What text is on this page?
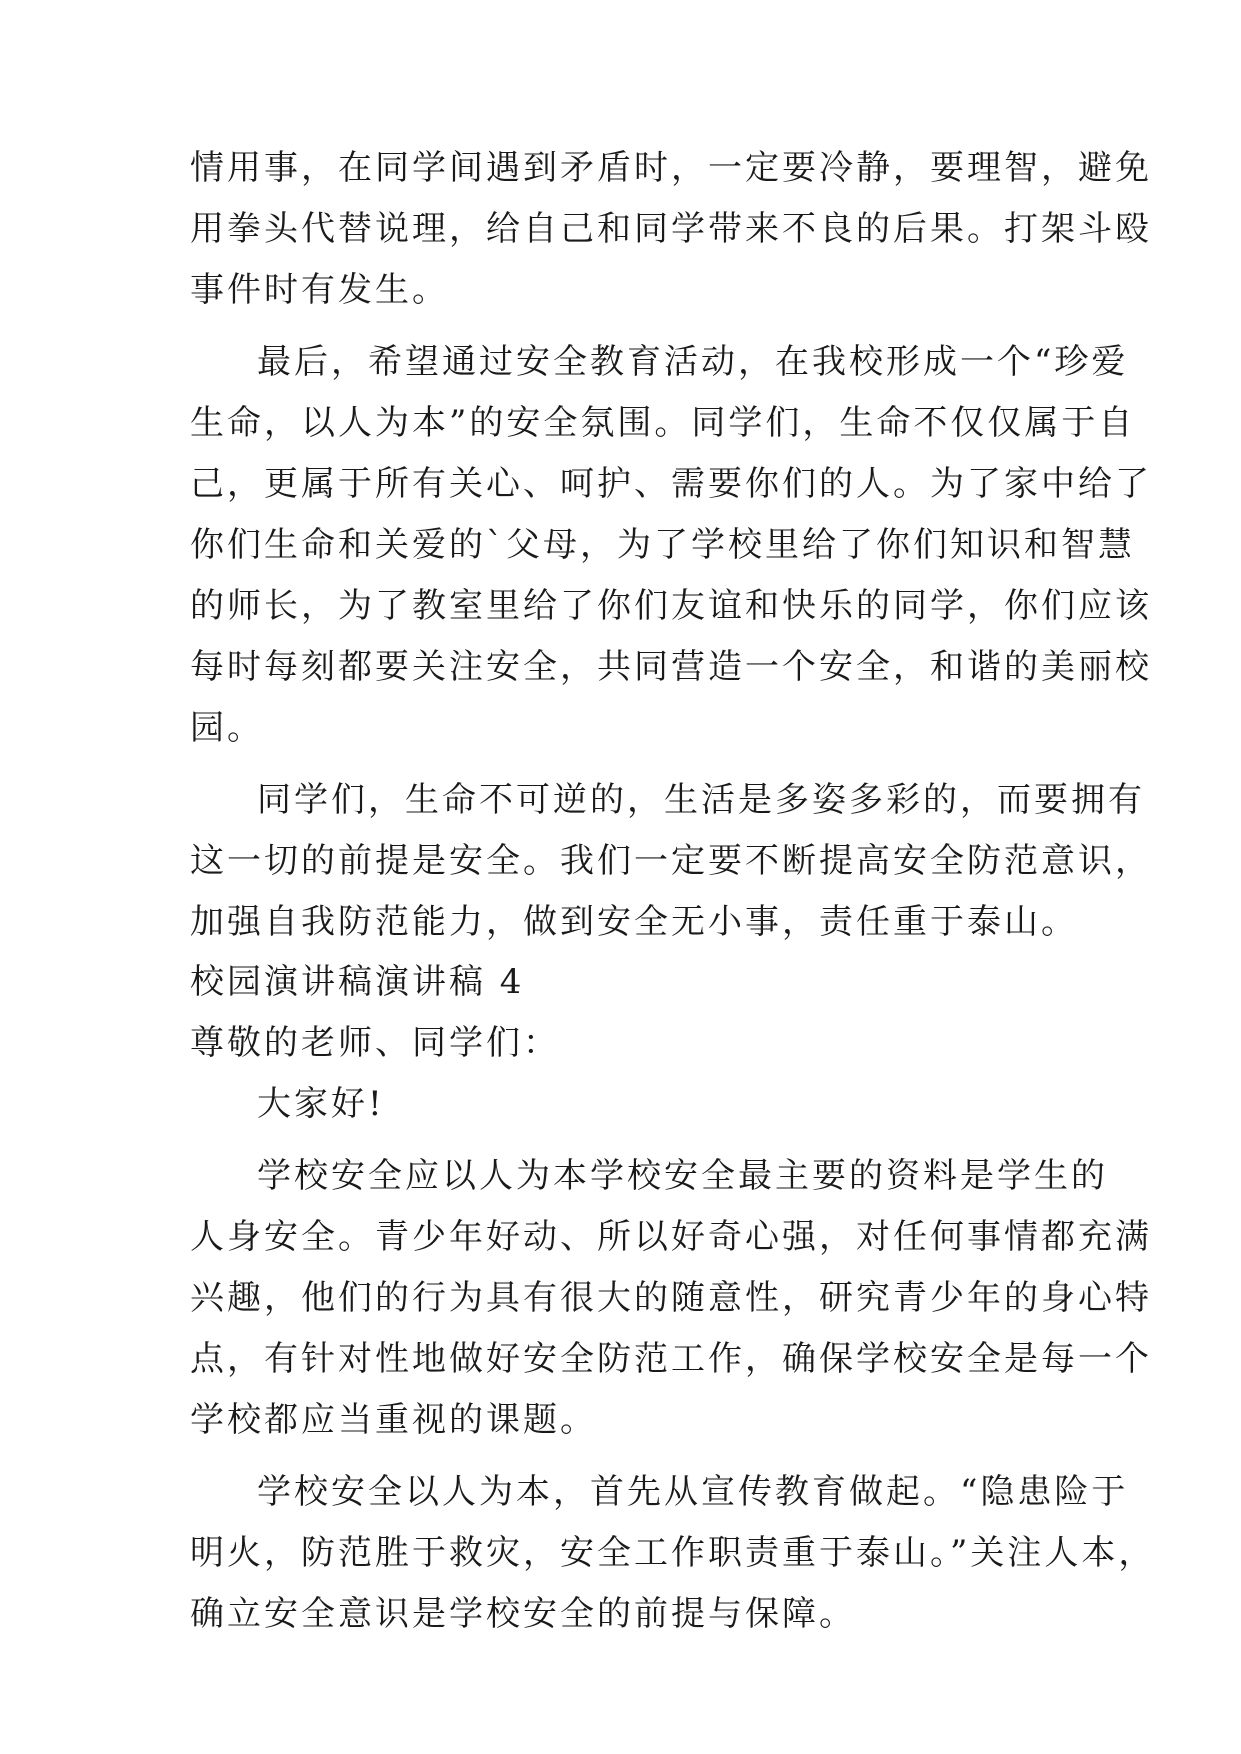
情用事，在同学间遇到矛盾时，一定要冷静，要理智，避免
用拳头代替说理，给自己和同学带来不良的后果。打架斗殴
事件时有发生。
最后，希望通过安全教育活动，在我校形成一个“珍爱
生命，以人为本”的安全氛围。同学们，生命不仅仅属于自
己，更属于所有关心、呵护、需要你们的人。为了家中给了
你们生命和关爱的`父母，为了学校里给了你们知识和智慧
的师长，为了教室里给了你们友谊和快乐的同学，你们应该
每时每刻都要关注安全，共同营造一个安全，和谐的美丽校
园。
同学们，生命不可逆的，生活是多姿多彩的，而要拥有
这一切的前提是安全。我们一定要不断提高安全防范意识，
加强自我防范能力，做到安全无小事，责任重于泰山。
校园演讲稿演讲稿 4
尊敬的老师、同学们：
大家好!
学校安全应以人为本学校安全最主要的资料是学生的
人身安全。青少年好动、所以好奇心强，对任何事情都充满
兴趣，他们的行为具有很大的随意性，研究青少年的身心特
点，有针对性地做好安全防范工作，确保学校安全是每一个
学校都应当重视的课题。
学校安全以人为本，首先从宣传教育做起。“隐患险于
明火，防范胜于救灾，安全工作职责重于泰山。”关注人本，
确立安全意识是学校安全的前提与保障。
